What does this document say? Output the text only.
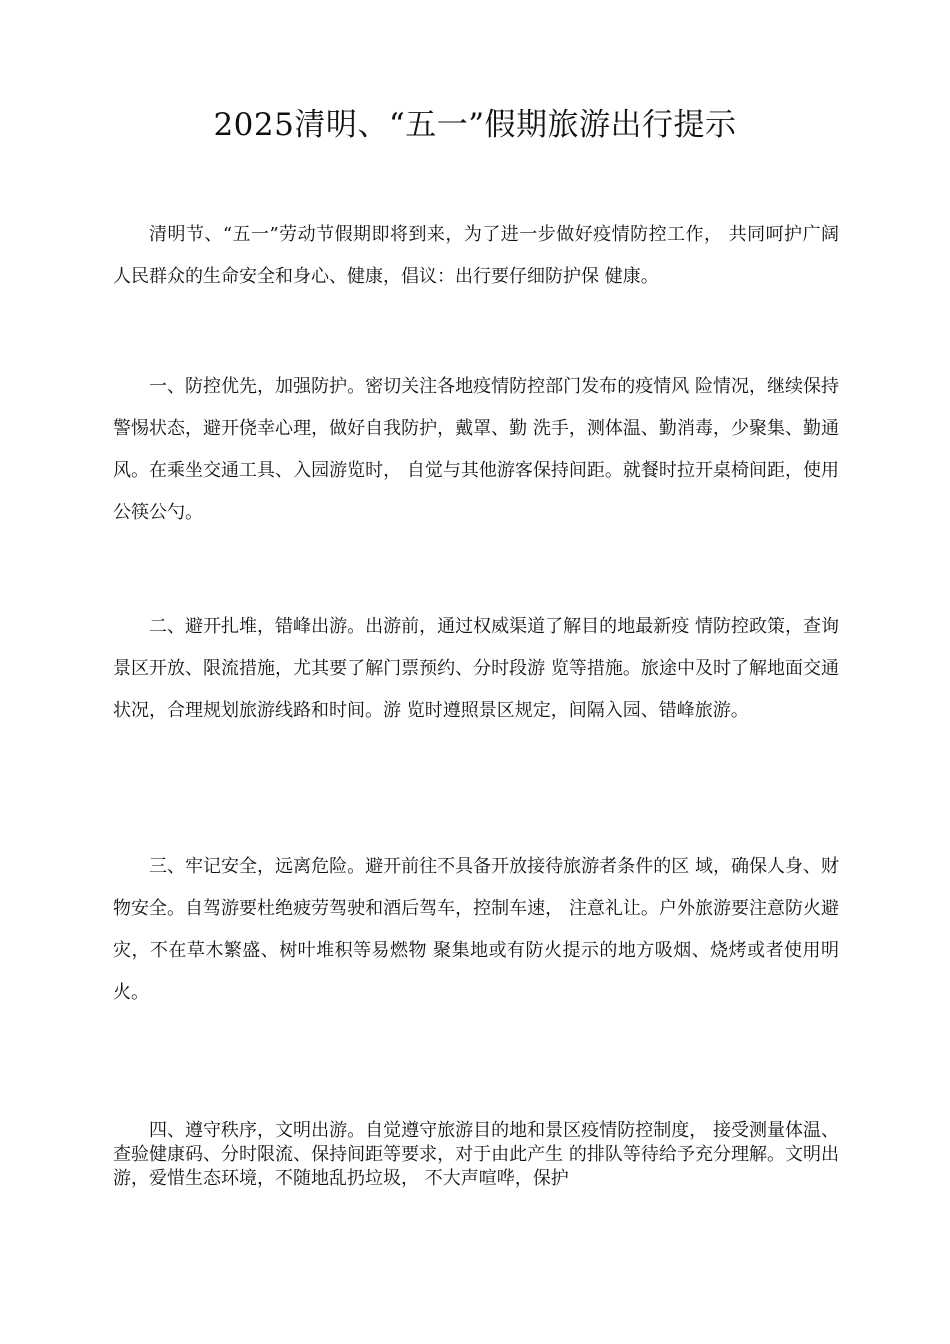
2025清明、“五一”假期旅游出行提示

清明节、“五一”劳动节假期即将到来，为了进一步做好疫情防控工作， 共同呵护广阔人民群众的生命安全和身心、健康，倡议：出行要仔细防护保 健康。

一、防控优先，加强防护。密切关注各地疫情防控部门发布的疫情风 险情况，继续保持警惕状态，避开侥幸心理，做好自我防护，戴罩、勤 洗手，测体温、勤消毒，少聚集、勤通风。在乘坐交通工具、入园游览时， 自觉与其他游客保持间距。就餐时拉开桌椅间距，使用公筷公勺。

二、避开扎堆，错峰出游。出游前，通过权威渠道了解目的地最新疫 情防控政策，查询景区开放、限流措施，尤其要了解门票预约、分时段游 览等措施。旅途中及时了解地面交通状况，合理规划旅游线路和时间。游 览时遵照景区规定，间隔入园、错峰旅游。

三、牢记安全，远离危险。避开前往不具备开放接待旅游者条件的区 域，确保人身、财物安全。自驾游要杜绝疲劳驾驶和酒后驾车，控制车速， 注意礼让。户外旅游要注意防火避灾，不在草木繁盛、树叶堆积等易燃物 聚集地或有防火提示的地方吸烟、烧烤或者使用明火。

四、遵守秩序，文明出游。自觉遵守旅游目的地和景区疫情防控制度， 接受测量体温、查验健康码、分时限流、保持间距等要求，对于由此产生 的排队等待给予充分理解。文明出游，爱惜生态环境，不随地乱扔垃圾， 不大声喧哗，保护
